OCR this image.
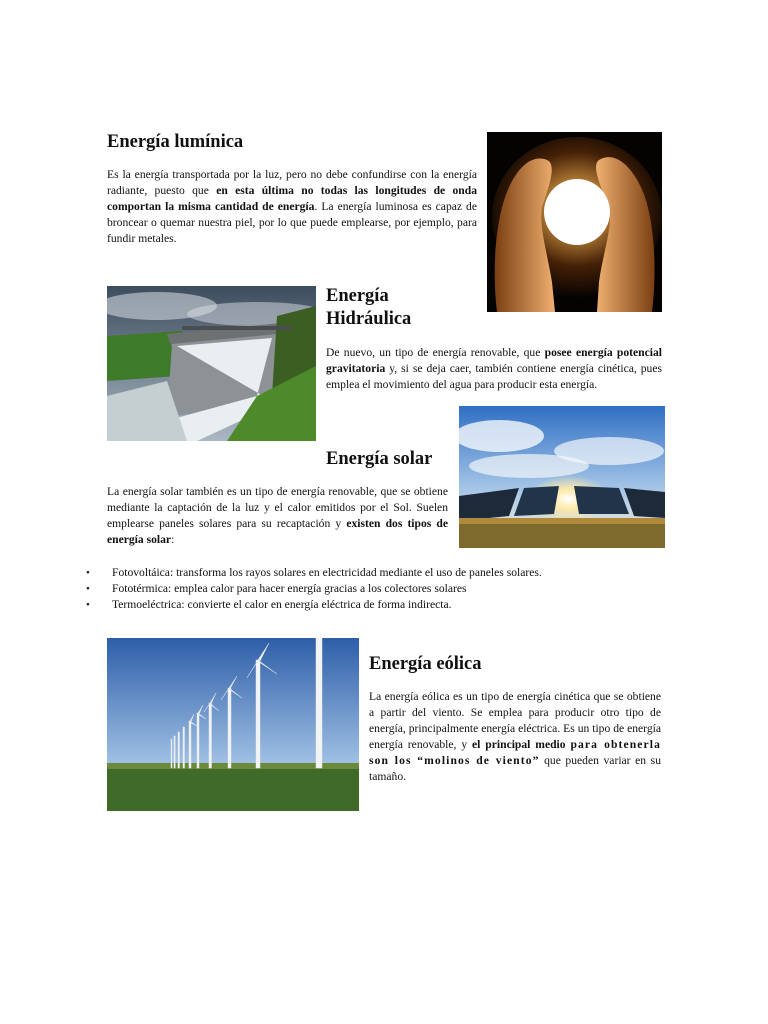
Energía lumínica

Es la energía transportada por la luz, pero no debe confundirse con la energía radiante, puesto que en esta última no todas las longitudes de onda comportan la misma cantidad de energía. La energía luminosa es capaz de broncear o quemar nuestra piel, por lo que puede emplearse, por ejemplo, para fundir metales.

Energía
Hidráulica

De nuevo, un tipo de energía renovable, que posee energía potencial gravitatoria y, si se deja caer, también contiene energía cinética, pues emplea el movimiento del agua para producir esta energía.

Energía solar

La energía solar también es un tipo de energía renovable, que se obtiene mediante la captación de la luz y el calor emitidos por el Sol. Suelen emplearse paneles solares para su recaptación y existen dos tipos de energía solar:

• Fotovoltáica: transforma los rayos solares en electricidad mediante el uso de paneles solares.
• Fototérmica: emplea calor para hacer energía gracias a los colectores solares
• Termoeléctrica: convierte el calor en energía eléctrica de forma indirecta.
Energía eólica

La energía eólica es un tipo de energía cinética que se obtiene a partir del viento. Se emplea para producir otro tipo de energía, principalmente energía eléctrica. Es un tipo de energía energía renovable, y el principal medio para obtenerla son los “molinos de viento” que pueden variar en su tamaño.
